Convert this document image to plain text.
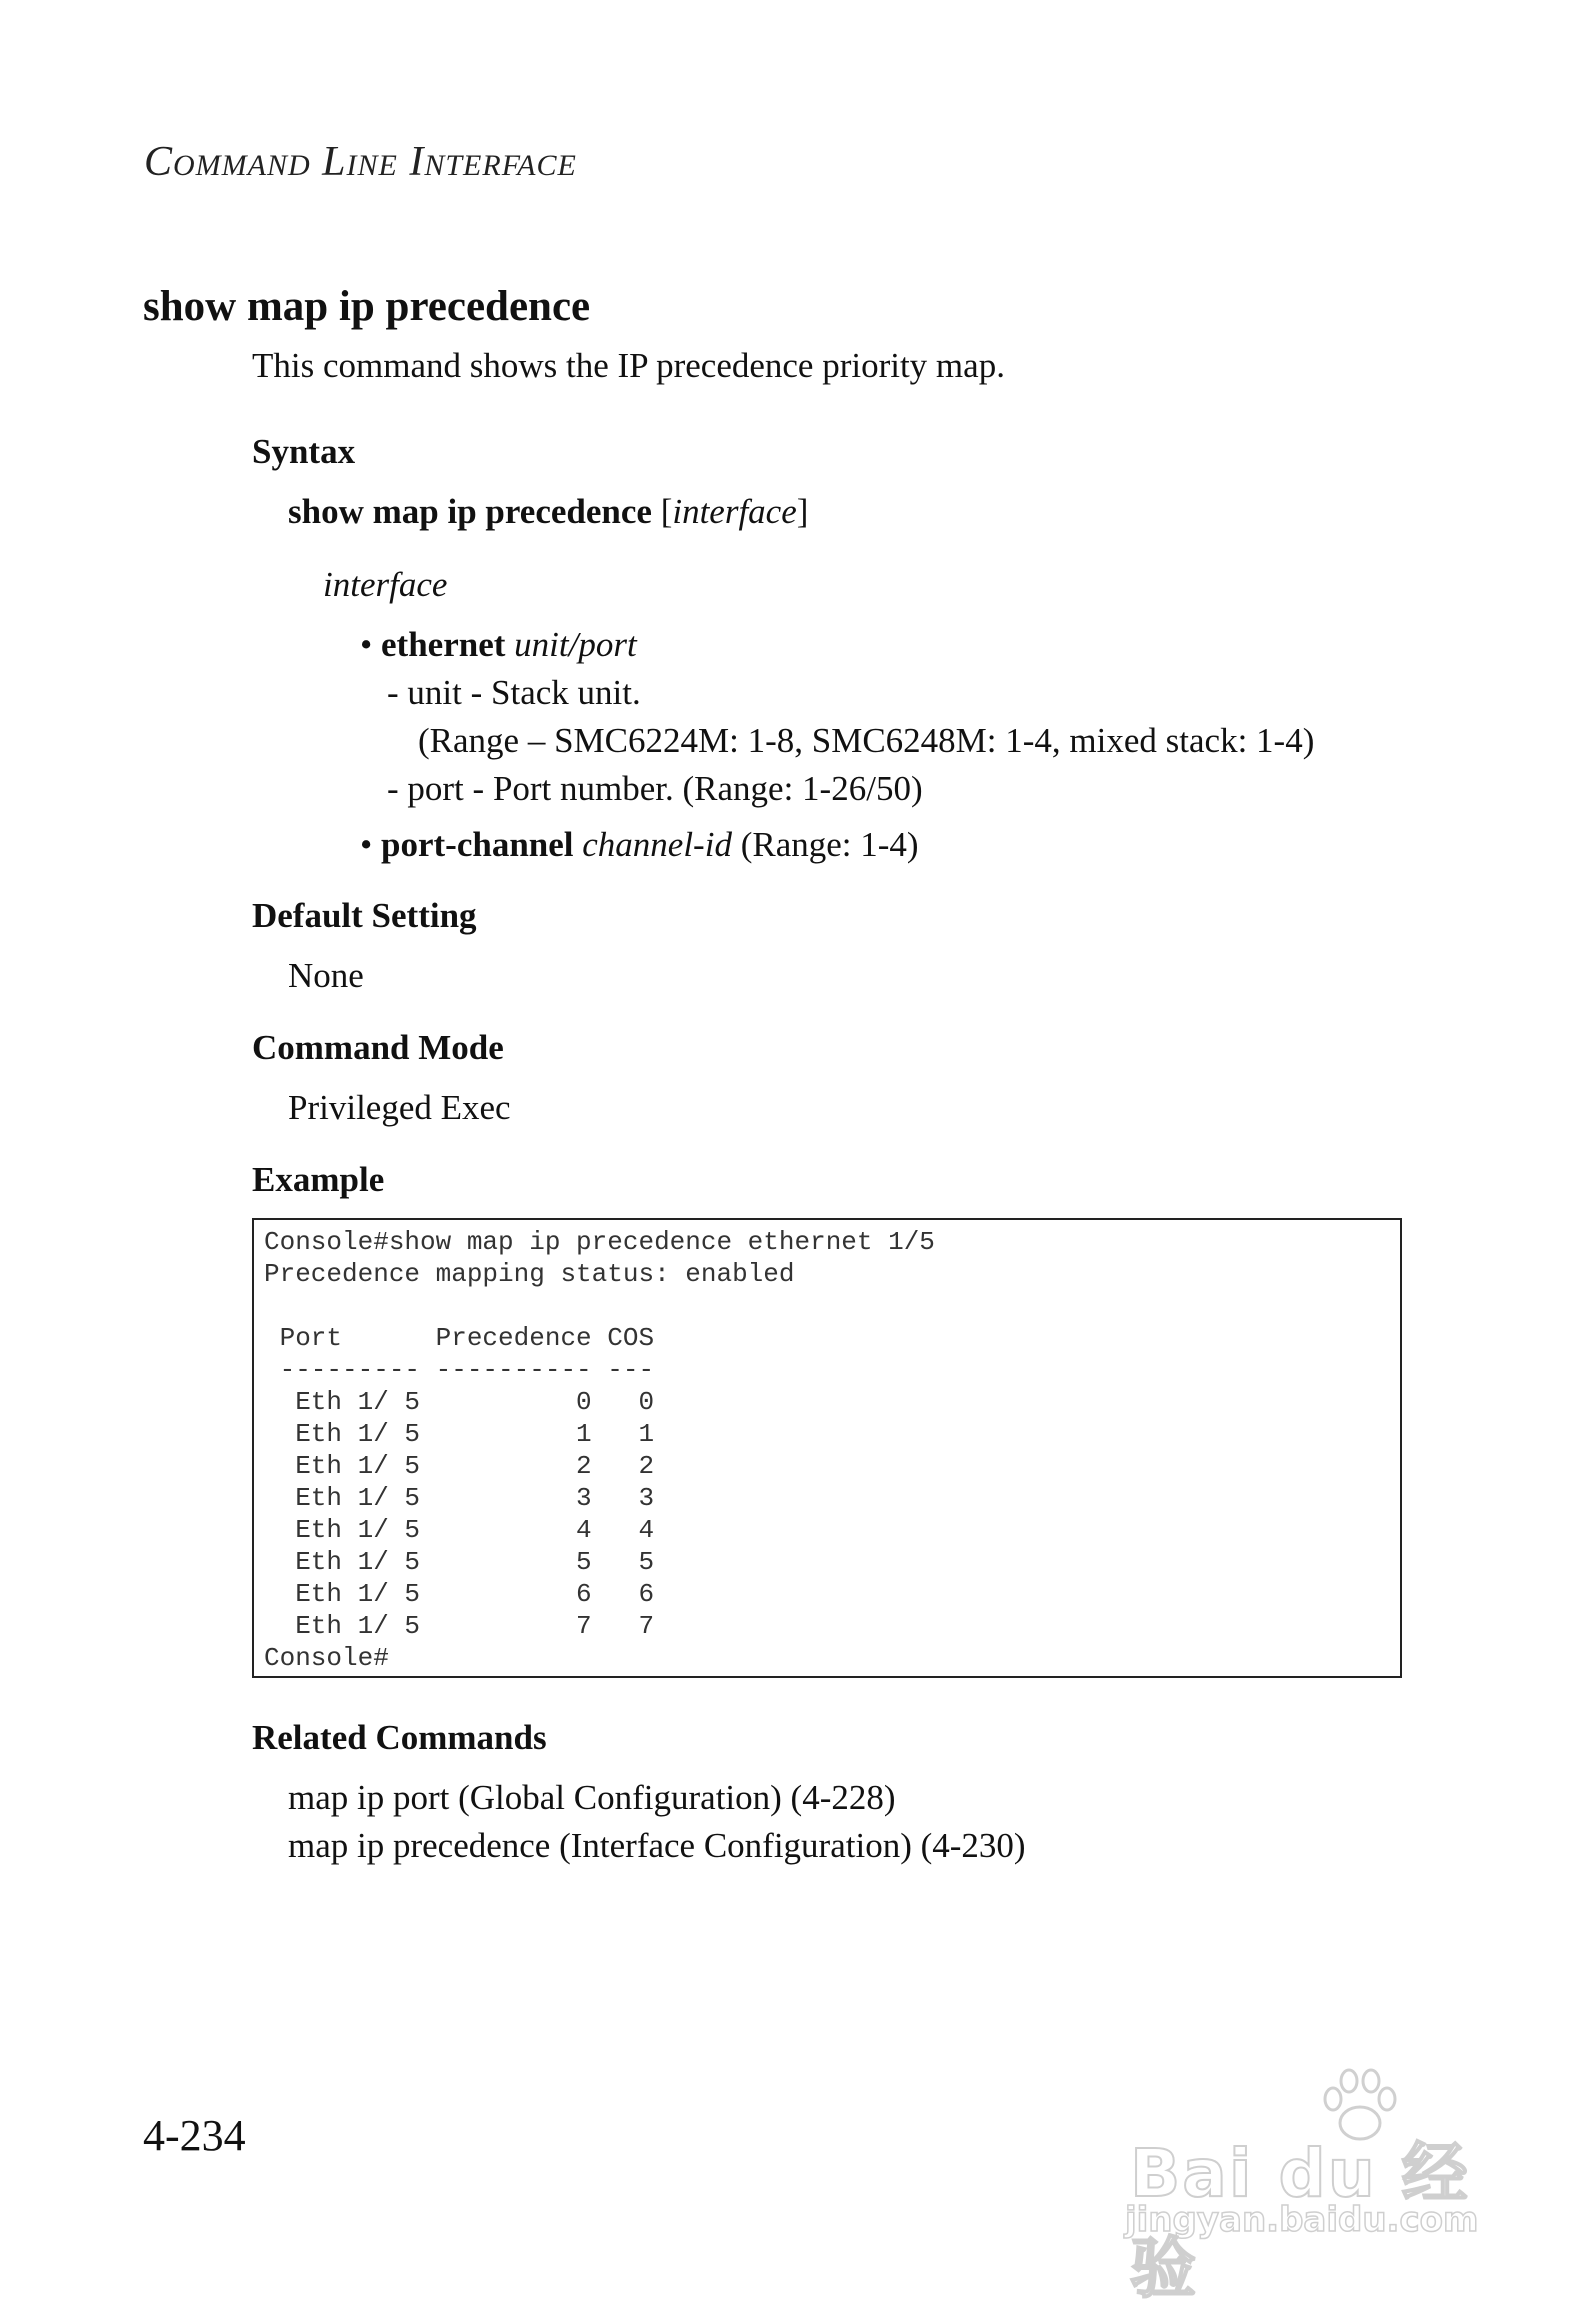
COMMAND LINE INTERFACE
show map ip precedence
This command shows the IP precedence priority map.
Syntax
show map ip precedence [interface]
interface
• ethernet unit/port
- unit - Stack unit.
(Range – SMC6224M: 1-8, SMC6248M: 1-4, mixed stack: 1-4)
- port - Port number. (Range: 1-26/50)
• port-channel channel-id (Range: 1-4)
Default Setting
None
Command Mode
Privileged Exec
Example
Console#show map ip precedence ethernet 1/5
Precedence mapping status: enabled

Port      Precedence COS
--------- ---------- ---
Eth 1/ 5          0   0
Eth 1/ 5          1   1
Eth 1/ 5          2   2
Eth 1/ 5          3   3
Eth 1/ 5          4   4
Eth 1/ 5          5   5
Eth 1/ 5          6   6
Eth 1/ 5          7   7
Console#
Related Commands
map ip port (Global Configuration) (4-228)
map ip precedence (Interface Configuration) (4-230)
4-234	Bai du 经验
jingyan.baidu.com
